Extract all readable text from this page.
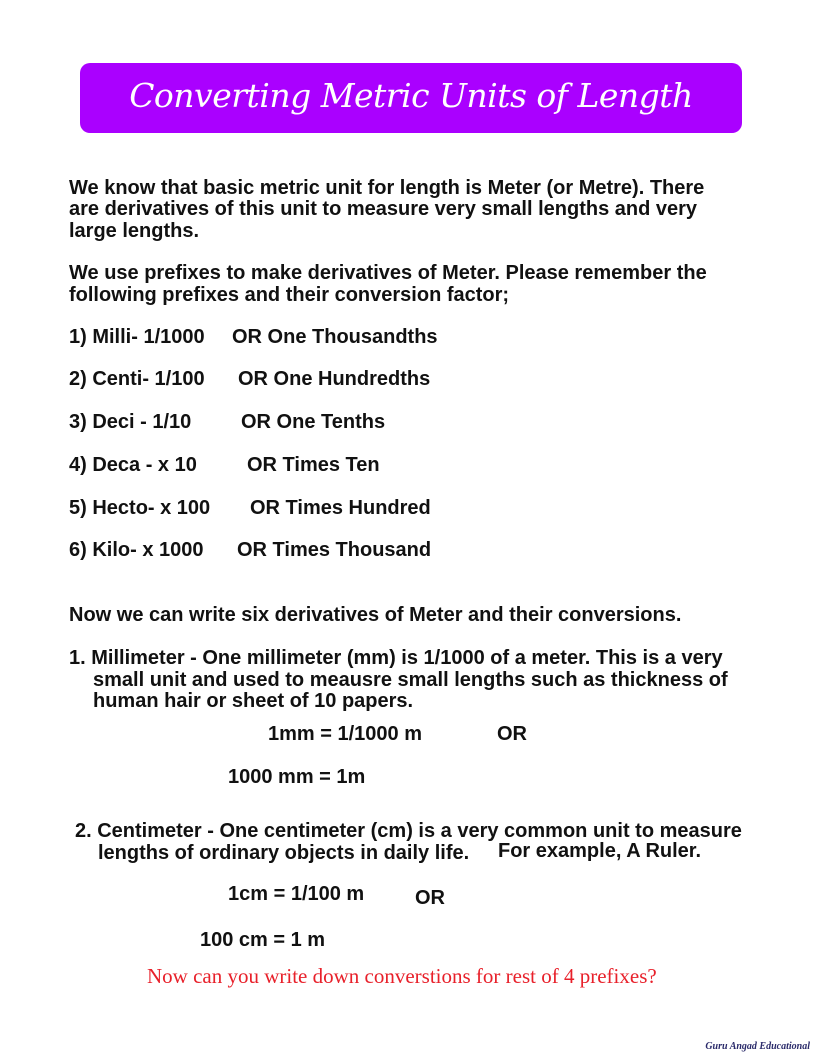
Converting Metric Units of Length
We know that basic metric unit for length is Meter (or Metre). There
are derivatives of this unit to measure very small lengths and very
large lengths.
We use prefixes to make derivatives of Meter. Please remember the
following prefixes and their conversion factor;
1) Milli- 1/1000 OR One Thousandths
2) Centi- 1/100 OR One Hundredths
3) Deci - 1/10 OR One Tenths
4) Deca - x 10	OR Times Ten
5) Hecto- x 100 OR Times Hundred
6) Kilo- x 1000 OR Times Thousand
Now we can write six derivatives of Meter and their conversions.
1. Millimeter - One millimeter (mm) is 1/1000 of a meter. This is a very
small unit and used to meausre small lengths such as thickness of
human hair or sheet of 10 papers.
1mm = 1/1000 m	OR
1000 mm = 1m
2. Centimeter - One centimeter (cm) is a very common unit to measure
lengths of ordinary objects in daily life. For example, A Ruler.
1cm = 1/100 m	OR
100 cm = 1 m
Now can you write down converstions for rest of 4 prefixes?
Guru Angad Educational
